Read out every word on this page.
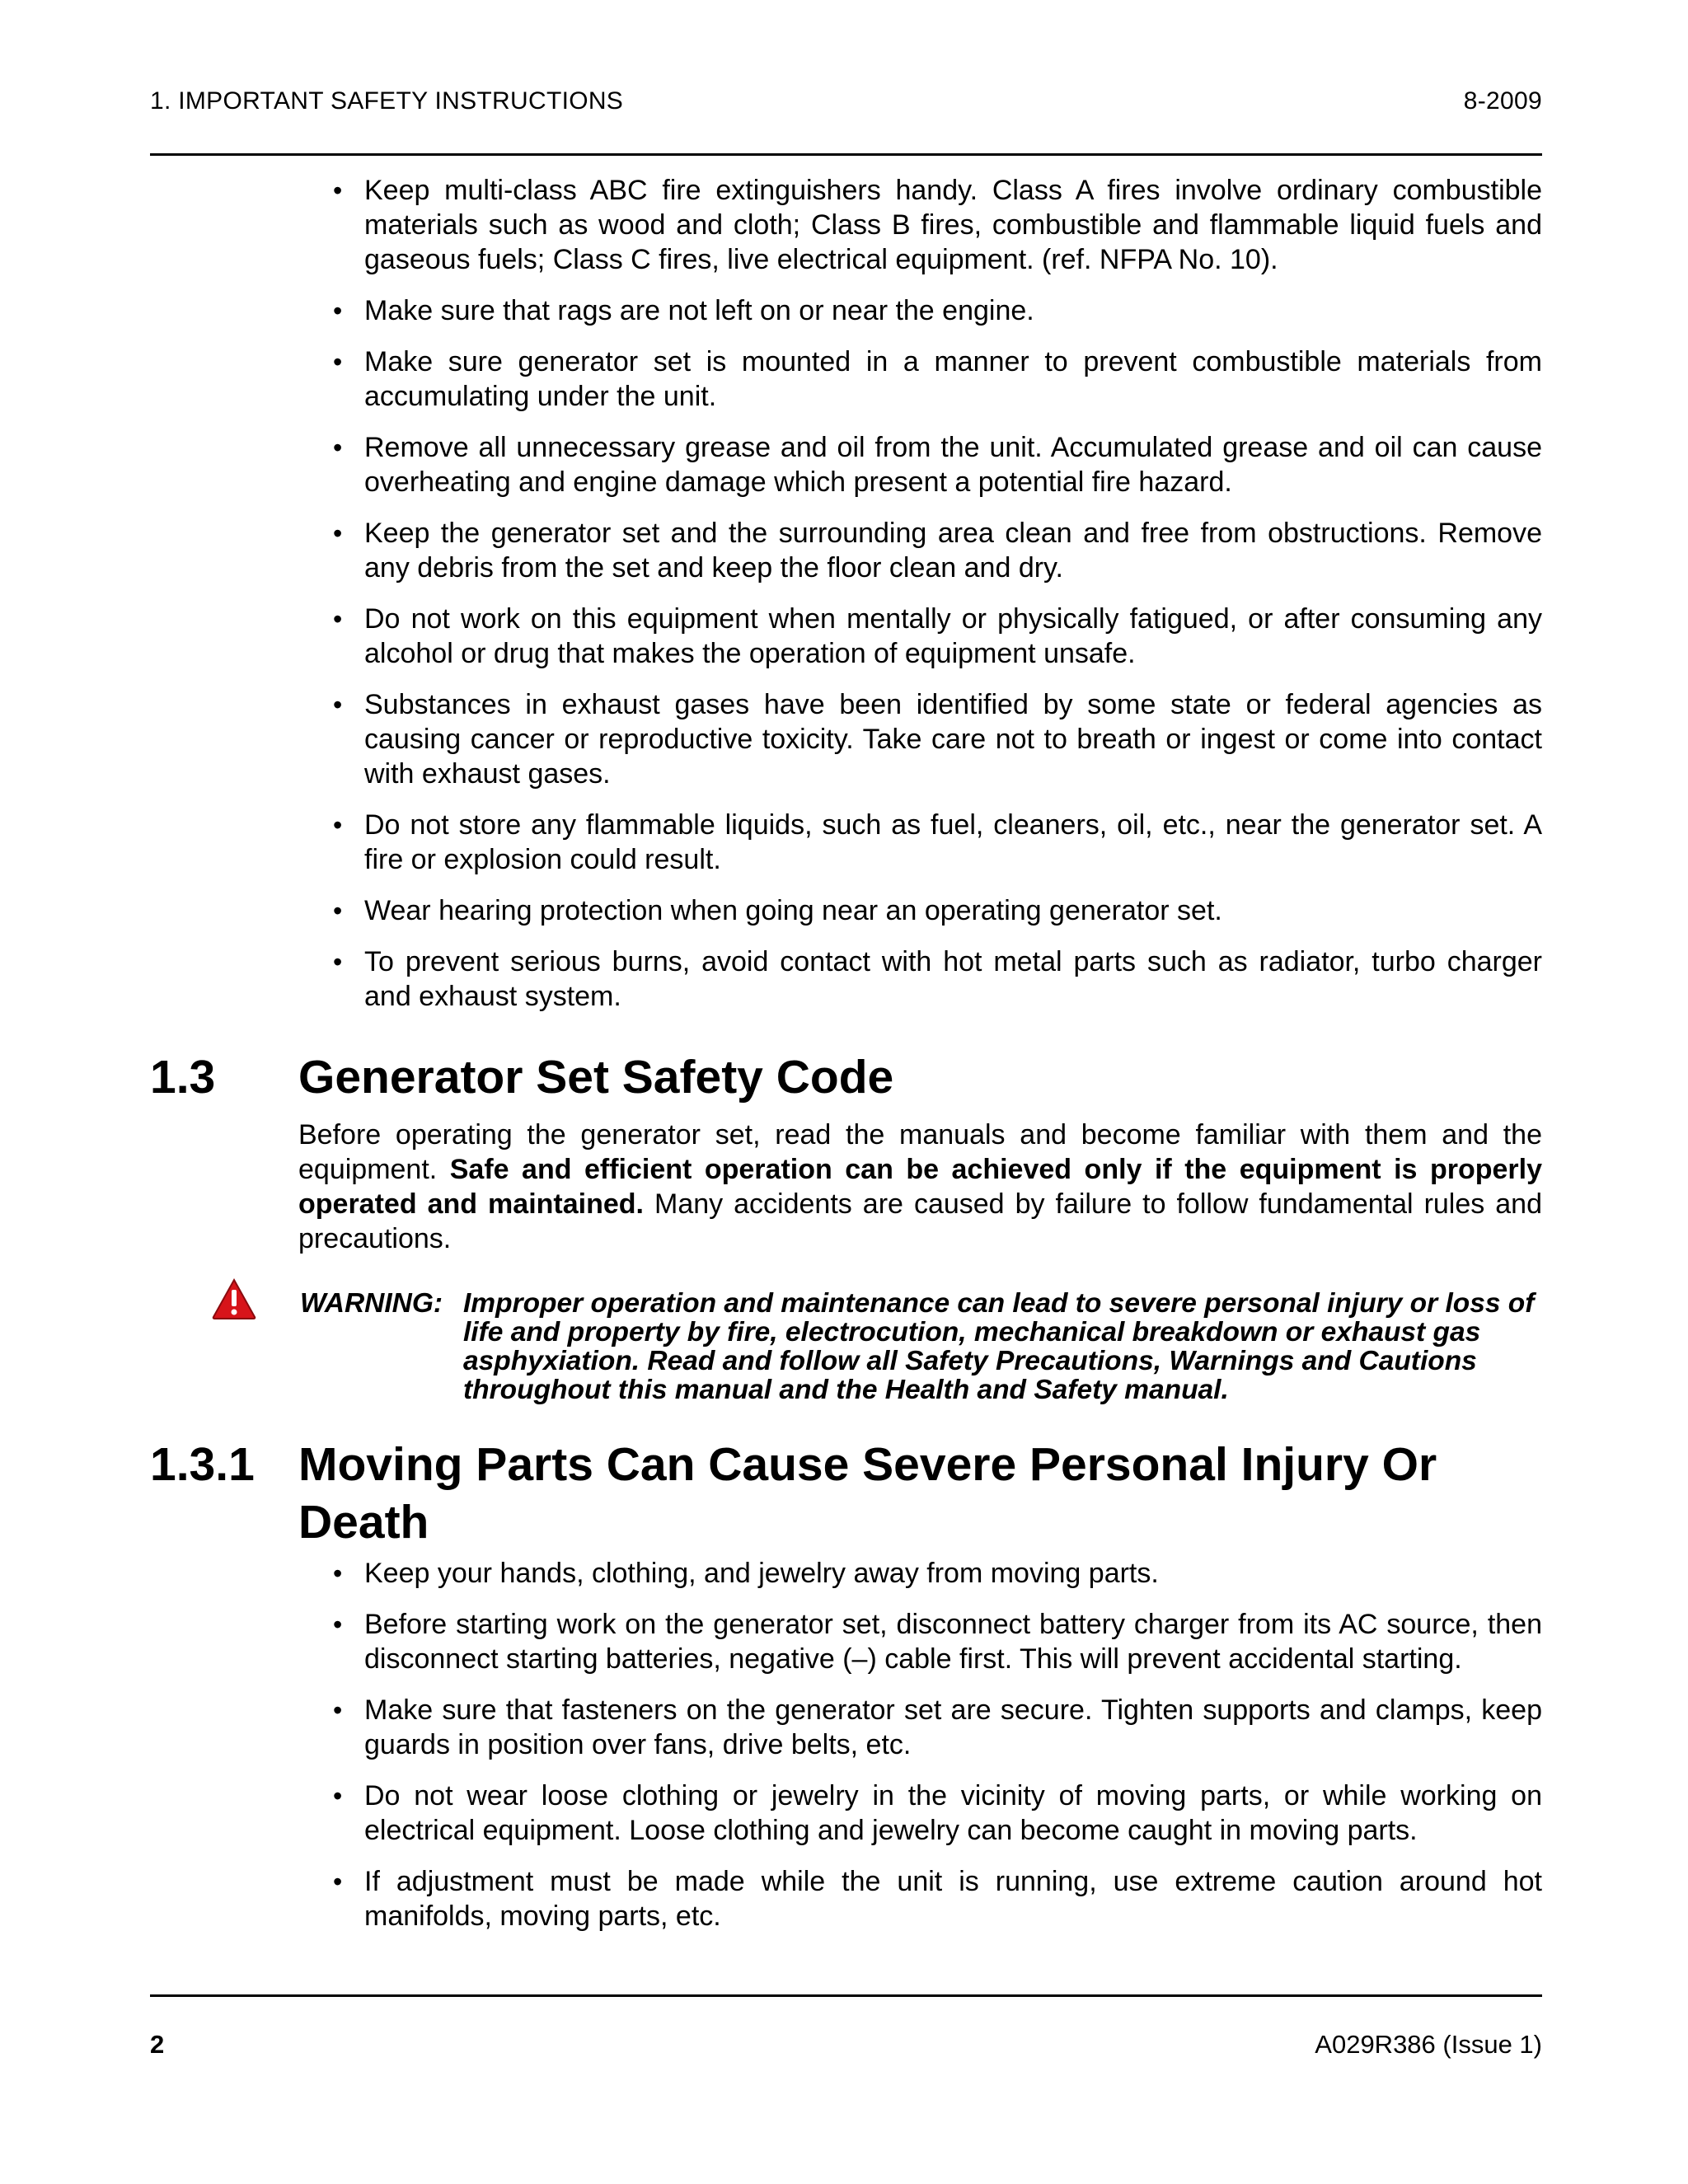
1. IMPORTANT SAFETY INSTRUCTIONS	8-2009
• Keep multi-class ABC fire extinguishers handy. Class A fires involve ordinary combustible materials such as wood and cloth; Class B fires, combustible and flammable liquid fuels and gaseous fuels; Class C fires, live electrical equipment. (ref. NFPA No. 10).
• Make sure that rags are not left on or near the engine.
• Make sure generator set is mounted in a manner to prevent combustible materials from accumulating under the unit.
• Remove all unnecessary grease and oil from the unit. Accumulated grease and oil can cause overheating and engine damage which present a potential fire hazard.
• Keep the generator set and the surrounding area clean and free from obstructions. Remove any debris from the set and keep the floor clean and dry.
• Do not work on this equipment when mentally or physically fatigued, or after consuming any alcohol or drug that makes the operation of equipment unsafe.
• Substances in exhaust gases have been identified by some state or federal agencies as causing cancer or reproductive toxicity. Take care not to breath or ingest or come into contact with exhaust gases.
• Do not store any flammable liquids, such as fuel, cleaners, oil, etc., near the generator set. A fire or explosion could result.
• Wear hearing protection when going near an operating generator set.
• To prevent serious burns, avoid contact with hot metal parts such as radiator, turbo charger and exhaust system.
1.3	Generator Set Safety Code
Before operating the generator set, read the manuals and become familiar with them and the equipment. Safe and efficient operation can be achieved only if the equipment is properly operated and maintained. Many accidents are caused by failure to follow fundamental rules and precautions.
WARNING: Improper operation and maintenance can lead to severe personal injury or loss of life and property by fire, electrocution, mechanical breakdown or exhaust gas asphyxiation. Read and follow all Safety Precautions, Warnings and Cautions throughout this manual and the Health and Safety manual.
1.3.1 Moving Parts Can Cause Severe Personal Injury Or Death
• Keep your hands, clothing, and jewelry away from moving parts.
• Before starting work on the generator set, disconnect battery charger from its AC source, then disconnect starting batteries, negative (–) cable first. This will prevent accidental starting.
• Make sure that fasteners on the generator set are secure. Tighten supports and clamps, keep guards in position over fans, drive belts, etc.
• Do not wear loose clothing or jewelry in the vicinity of moving parts, or while working on electrical equipment. Loose clothing and jewelry can become caught in moving parts.
• If adjustment must be made while the unit is running, use extreme caution around hot manifolds, moving parts, etc.
2	A029R386 (Issue 1)
